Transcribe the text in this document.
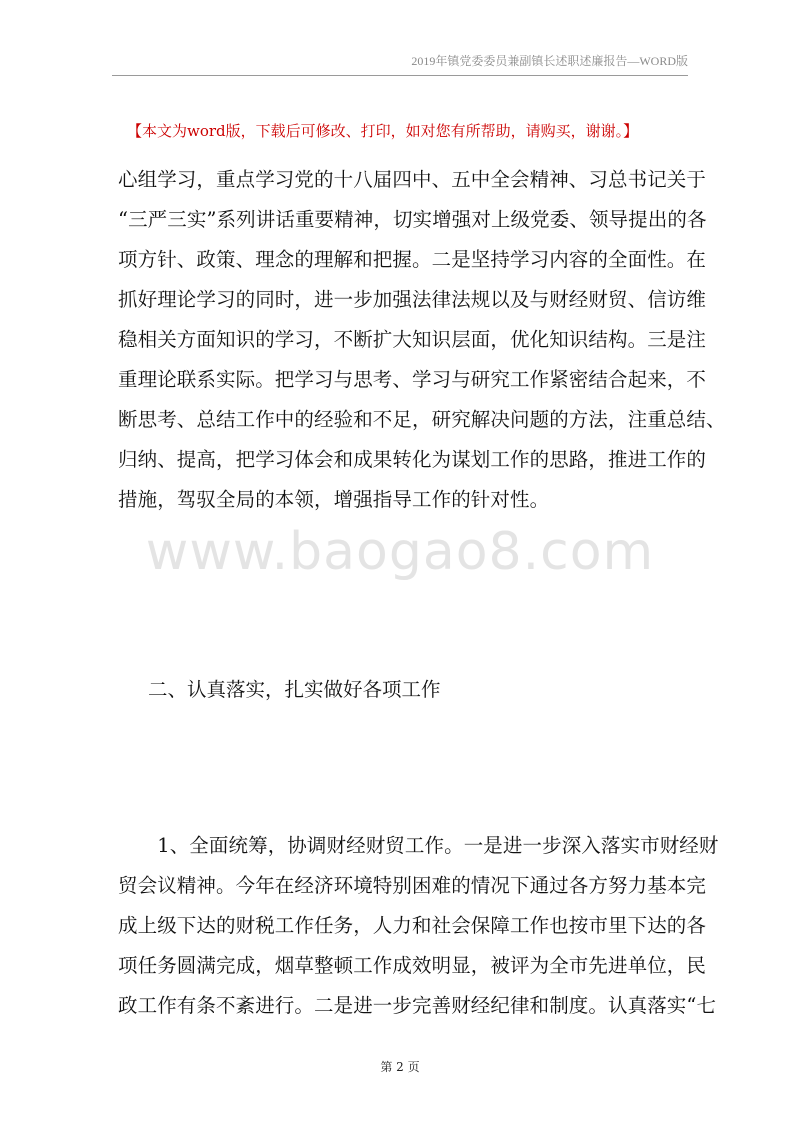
2019年镇党委委员兼副镇长述职述廉报告—WORD版
【本文为word版，下载后可修改、打印，如对您有所帮助，请购买，谢谢。】
心组学习，重点学习党的十八届四中、五中全会精神、习总书记关于
“三严三实”系列讲话重要精神，切实增强对上级党委、领导提出的各
项方针、政策、理念的理解和把握。二是坚持学习内容的全面性。在
抓好理论学习的同时，进一步加强法律法规以及与财经财贸、信访维
稳相关方面知识的学习，不断扩大知识层面，优化知识结构。三是注
重理论联系实际。把学习与思考、学习与研究工作紧密结合起来，不
断思考、总结工作中的经验和不足，研究解决问题的方法，注重总结、
归纳、提高，把学习体会和成果转化为谋划工作的思路，推进工作的
措施，驾驭全局的本领，增强指导工作的针对性。
www.baogao8.com
二、认真落实，扎实做好各项工作
　　1、全面统筹，协调财经财贸工作。一是进一步深入落实市财经财
贸会议精神。今年在经济环境特别困难的情况下通过各方努力基本完
成上级下达的财税工作任务，人力和社会保障工作也按市里下达的各
项任务圆满完成，烟草整顿工作成效明显，被评为全市先进单位，民
政工作有条不紊进行。二是进一步完善财经纪律和制度。认真落实“七
第 2 页
